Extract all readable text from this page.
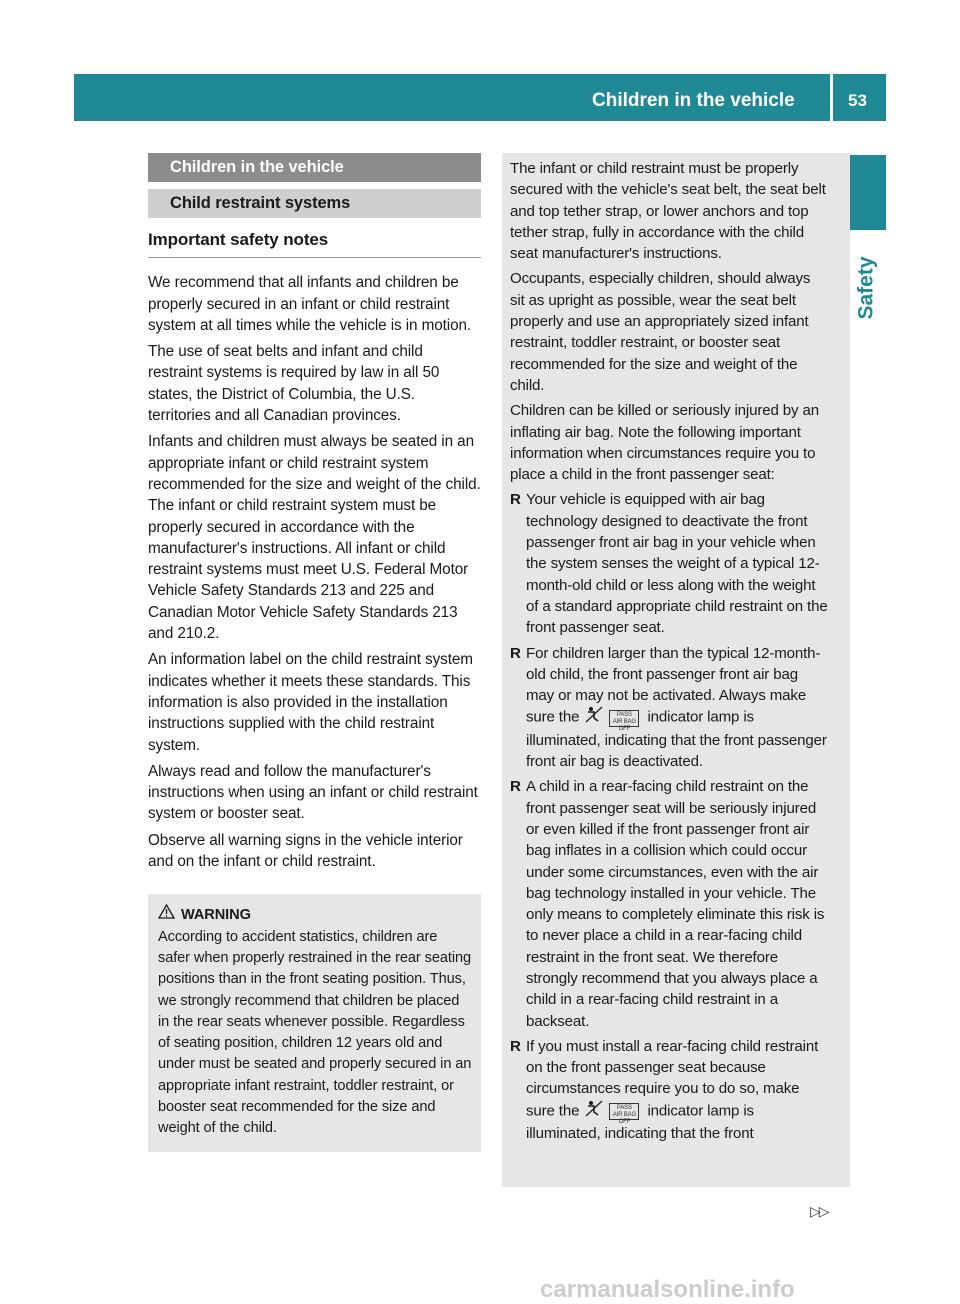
Children in the vehicle	53
Safety
Children in the vehicle
Child restraint systems
Important safety notes

We recommend that all infants and children be properly secured in an infant or child restraint system at all times while the vehicle is in motion.

The use of seat belts and infant and child restraint systems is required by law in all 50 states, the District of Columbia, the U.S. territories and all Canadian provinces.

Infants and children must always be seated in an appropriate infant or child restraint system recommended for the size and weight of the child. The infant or child restraint system must be properly secured in accordance with the manufacturer's instructions. All infant or child restraint systems must meet U.S. Federal Motor Vehicle Safety Standards 213 and 225 and Canadian Motor Vehicle Safety Standards 213 and 210.2.

An information label on the child restraint system indicates whether it meets these standards. This information is also provided in the installation instructions supplied with the child restraint system.

Always read and follow the manufacturer's instructions when using an infant or child restraint system or booster seat.

Observe all warning signs in the vehicle interior and on the infant or child restraint.

WARNING
According to accident statistics, children are safer when properly restrained in the rear seating positions than in the front seating position. Thus, we strongly recommend that children be placed in the rear seats whenever possible. Regardless of seating position, children 12 years old and under must be seated and properly secured in an appropriate infant restraint, toddler restraint, or booster seat recommended for the size and weight of the child.

The infant or child restraint must be properly secured with the vehicle's seat belt, the seat belt and top tether strap, or lower anchors and top tether strap, fully in accordance with the child seat manufacturer's instructions.

Occupants, especially children, should always sit as upright as possible, wear the seat belt properly and use an appropriately sized infant restraint, toddler restraint, or booster seat recommended for the size and weight of the child.

Children can be killed or seriously injured by an inflating air bag. Note the following important information when circumstances require you to place a child in the front passenger seat:

R Your vehicle is equipped with air bag technology designed to deactivate the front passenger front air bag in your vehicle when the system senses the weight of a typical 12-month-old child or less along with the weight of a standard appropriate child restraint on the front passenger seat.
R For children larger than the typical 12-month-old child, the front passenger front air bag may or may not be activated. Always make sure the	PASS
AIR BAG OFF indicator lamp is illuminated, indicating that the front passenger front air bag is deactivated.
R A child in a rear-facing child restraint on the front passenger seat will be seriously injured or even killed if the front passenger front air bag inflates in a collision which could occur under some circumstances, even with the air bag technology installed in your vehicle. The only means to completely eliminate this risk is to never place a child in a rear-facing child restraint in the front seat. We therefore strongly recommend that you always place a child in a rear-facing child restraint in a backseat.
R If you must install a rear-facing child restraint on the front passenger seat because circumstances require you to do so, make sure the	PASS
AIR BAG OFF indicator lamp is illuminated, indicating that the front
▷▷
carmanualsonline.info
